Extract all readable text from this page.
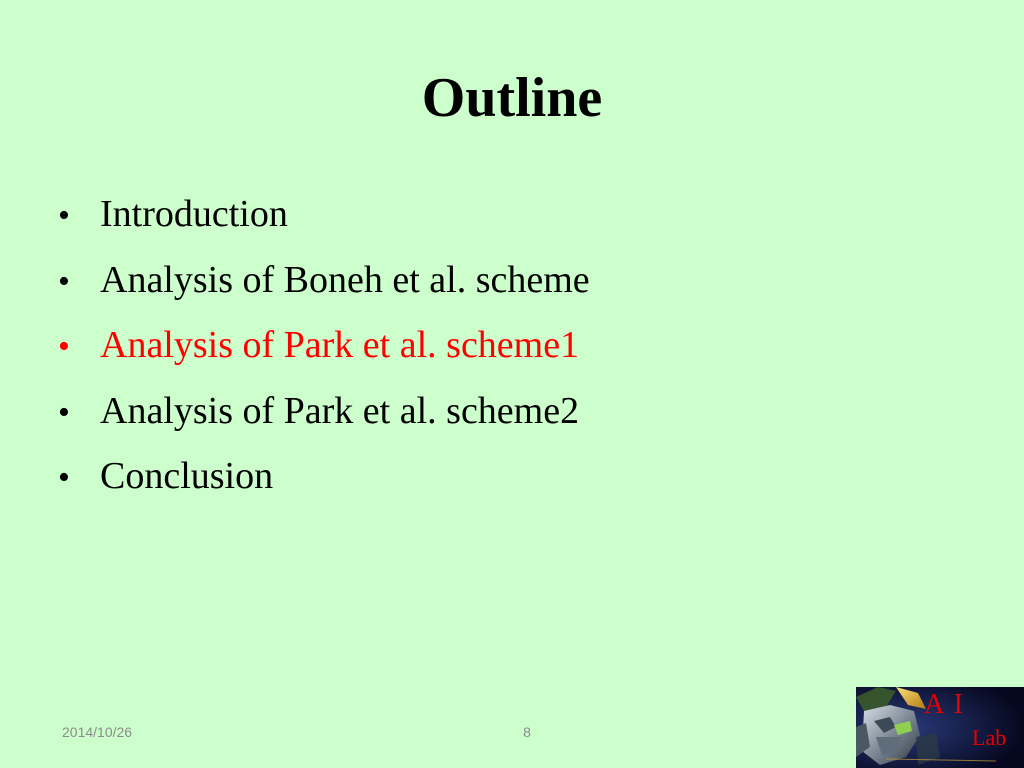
Outline
• Introduction
• Analysis of Boneh et al. scheme
• Analysis of Park et al. scheme1
• Analysis of Park et al. scheme2
• Conclusion
2014/10/26	8
A I
Lab
